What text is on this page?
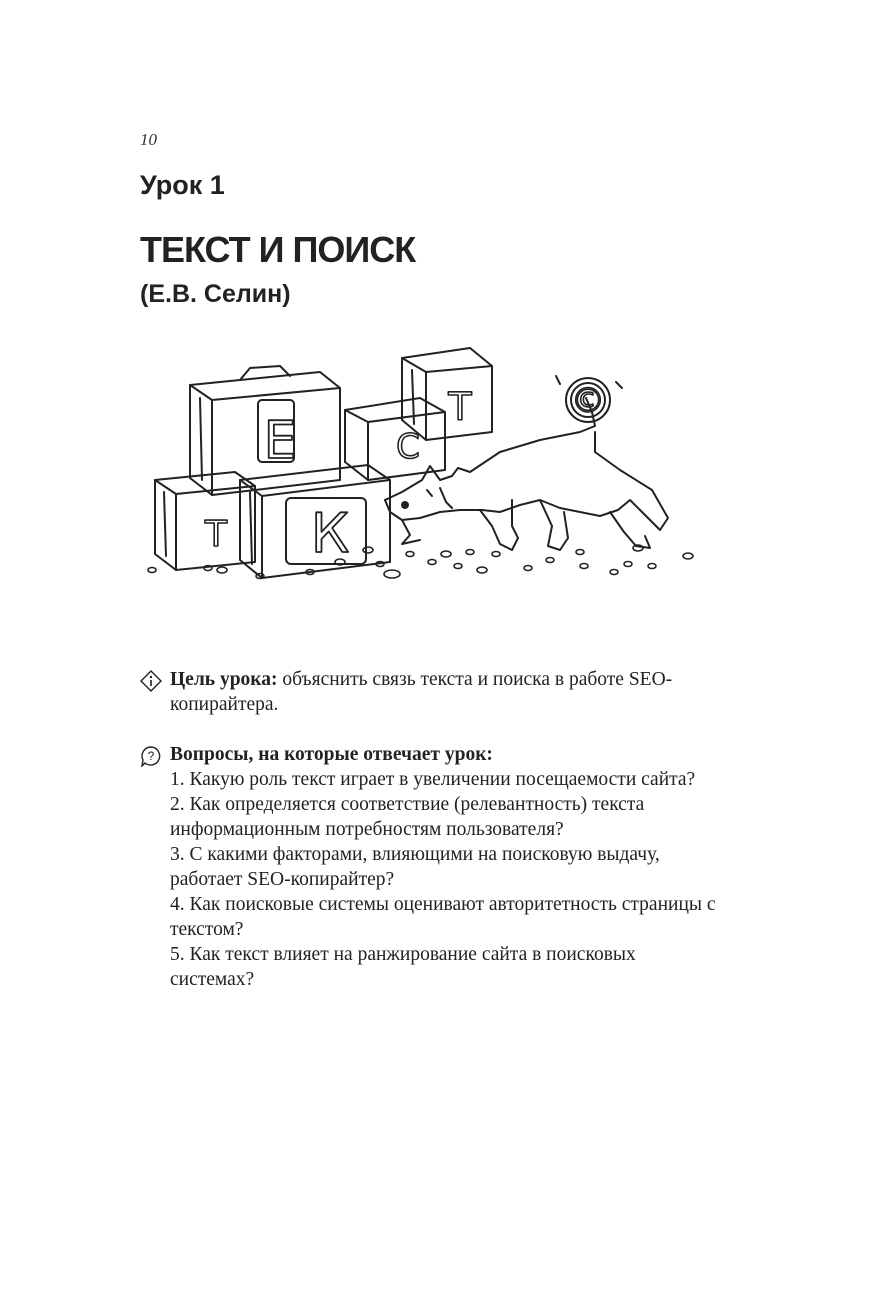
10
Урок 1
ТЕКСТ И ПОИСК
(Е.В. Селин)
Т
С
Е
Т К
©
Цель урока: объяснить связь текста и поиска в работе SEO-копирайтера.
? Вопросы, на которые отвечает урок:
1. Какую роль текст играет в увеличении посещаемости сайта?
2. Как определяется соответствие (релевантность) текста информационным потребностям пользователя?
3. С какими факторами, влияющими на поисковую выдачу, работает SEO-копирайтер?
4. Как поисковые системы оценивают авторитетность страницы с текстом?
5. Как текст влияет на ранжирование сайта в поисковых системах?
